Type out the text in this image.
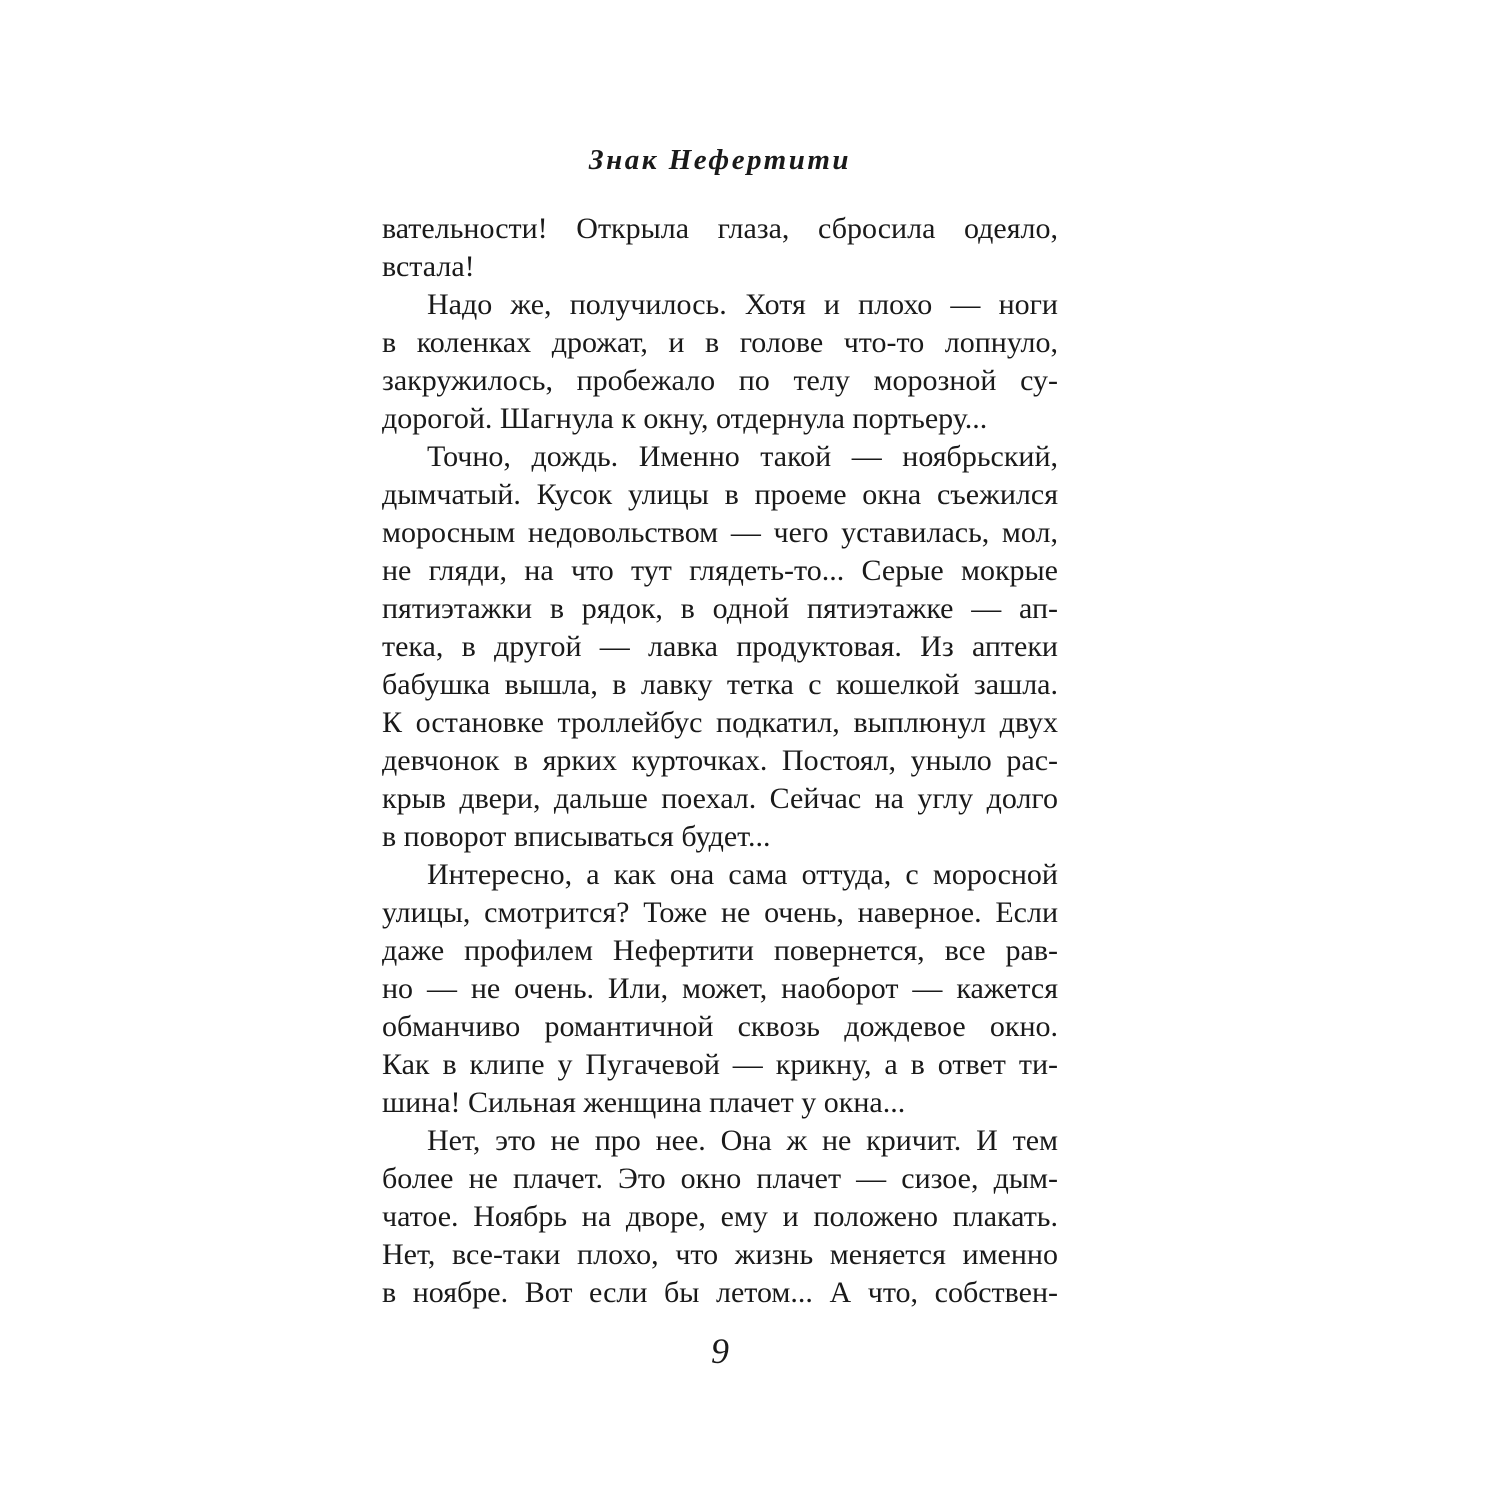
Знак Нефертити
вательности! Открыла глаза, сбросила одеяло,
встала!
Надо же, получилось. Хотя и плохо — ноги
в коленках дрожат, и в голове что-то лопнуло,
закружилось, пробежало по телу морозной су-
дорогой. Шагнула к окну, отдернула портьеру...
Точно, дождь. Именно такой — ноябрьский,
дымчатый. Кусок улицы в проеме окна съежился
моросным недовольством — чего уставилась, мол,
не гляди, на что тут глядеть-то... Серые мокрые
пятиэтажки в рядок, в одной пятиэтажке — ап-
тека, в другой — лавка продуктовая. Из аптеки
бабушка вышла, в лавку тетка с кошелкой зашла.
К остановке троллейбус подкатил, выплюнул двух
девчонок в ярких курточках. Постоял, уныло рас-
крыв двери, дальше поехал. Сейчас на углу долго
в поворот вписываться будет...
Интересно, а как она сама оттуда, с моросной
улицы, смотрится? Тоже не очень, наверное. Если
даже профилем Нефертити повернется, все рав-
но — не очень. Или, может, наоборот — кажется
обманчиво романтичной сквозь дождевое окно.
Как в клипе у Пугачевой — крикну, а в ответ ти-
шина! Сильная женщина плачет у окна...
Нет, это не про нее. Она ж не кричит. И тем
более не плачет. Это окно плачет — сизое, дым-
чатое. Ноябрь на дворе, ему и положено плакать.
Нет, все-таки плохо, что жизнь меняется именно
в ноябре. Вот если бы летом... А что, собствен-
9
